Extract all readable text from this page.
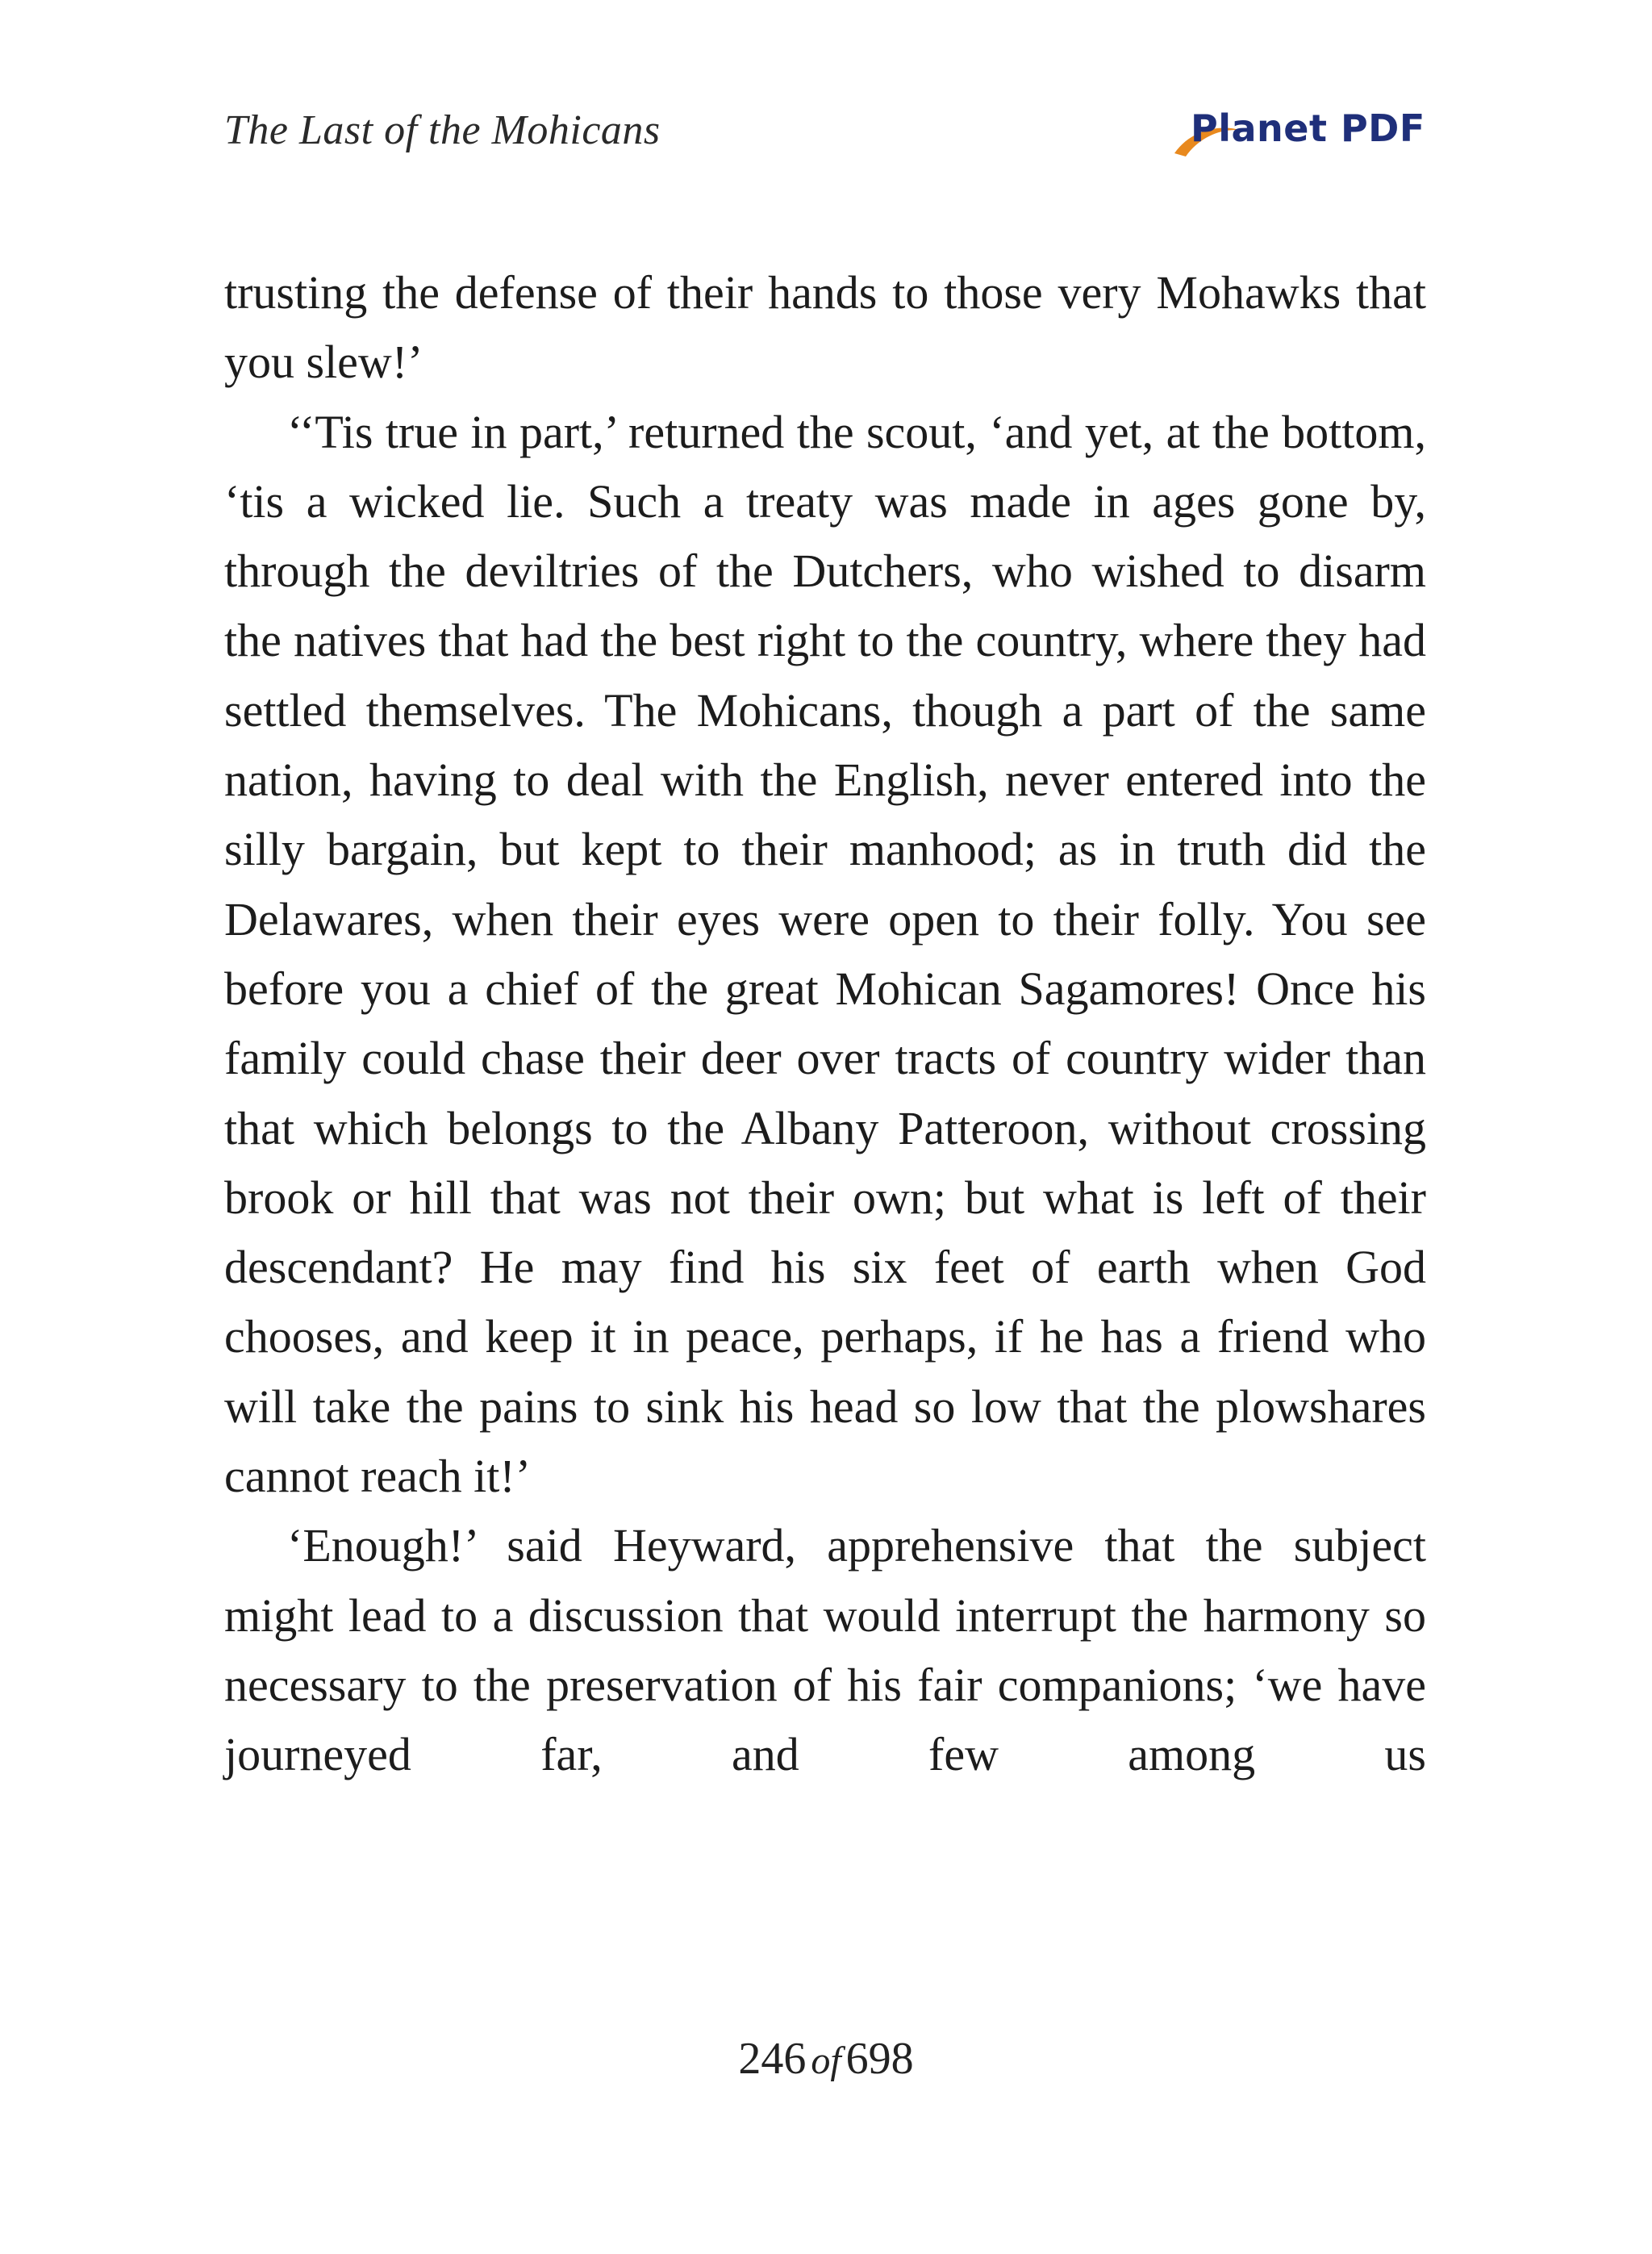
The Last of the Mohicans	Planet PDF

trusting the defense of their hands to those very Mohawks that you slew!’

‘‘Tis true in part,’ returned the scout, ‘and yet, at the bottom, ‘tis a wicked lie. Such a treaty was made in ages gone by, through the deviltries of the Dutchers, who wished to disarm the natives that had the best right to the country, where they had settled themselves. The Mohicans, though a part of the same nation, having to deal with the English, never entered into the silly bargain, but kept to their manhood; as in truth did the Delawares, when their eyes were open to their folly. You see before you a chief of the great Mohican Sagamores! Once his family could chase their deer over tracts of country wider than that which belongs to the Albany Patteroon, without crossing brook or hill that was not their own; but what is left of their descendant? He may find his six feet of earth when God chooses, and keep it in peace, perhaps, if he has a friend who will take the pains to sink his head so low that the plowshares cannot reach it!’

‘Enough!’ said Heyward, apprehensive that the subject might lead to a discussion that would interrupt the harmony so necessary to the preservation of his fair companions; ‘we have journeyed far, and few among us

246 of 698
